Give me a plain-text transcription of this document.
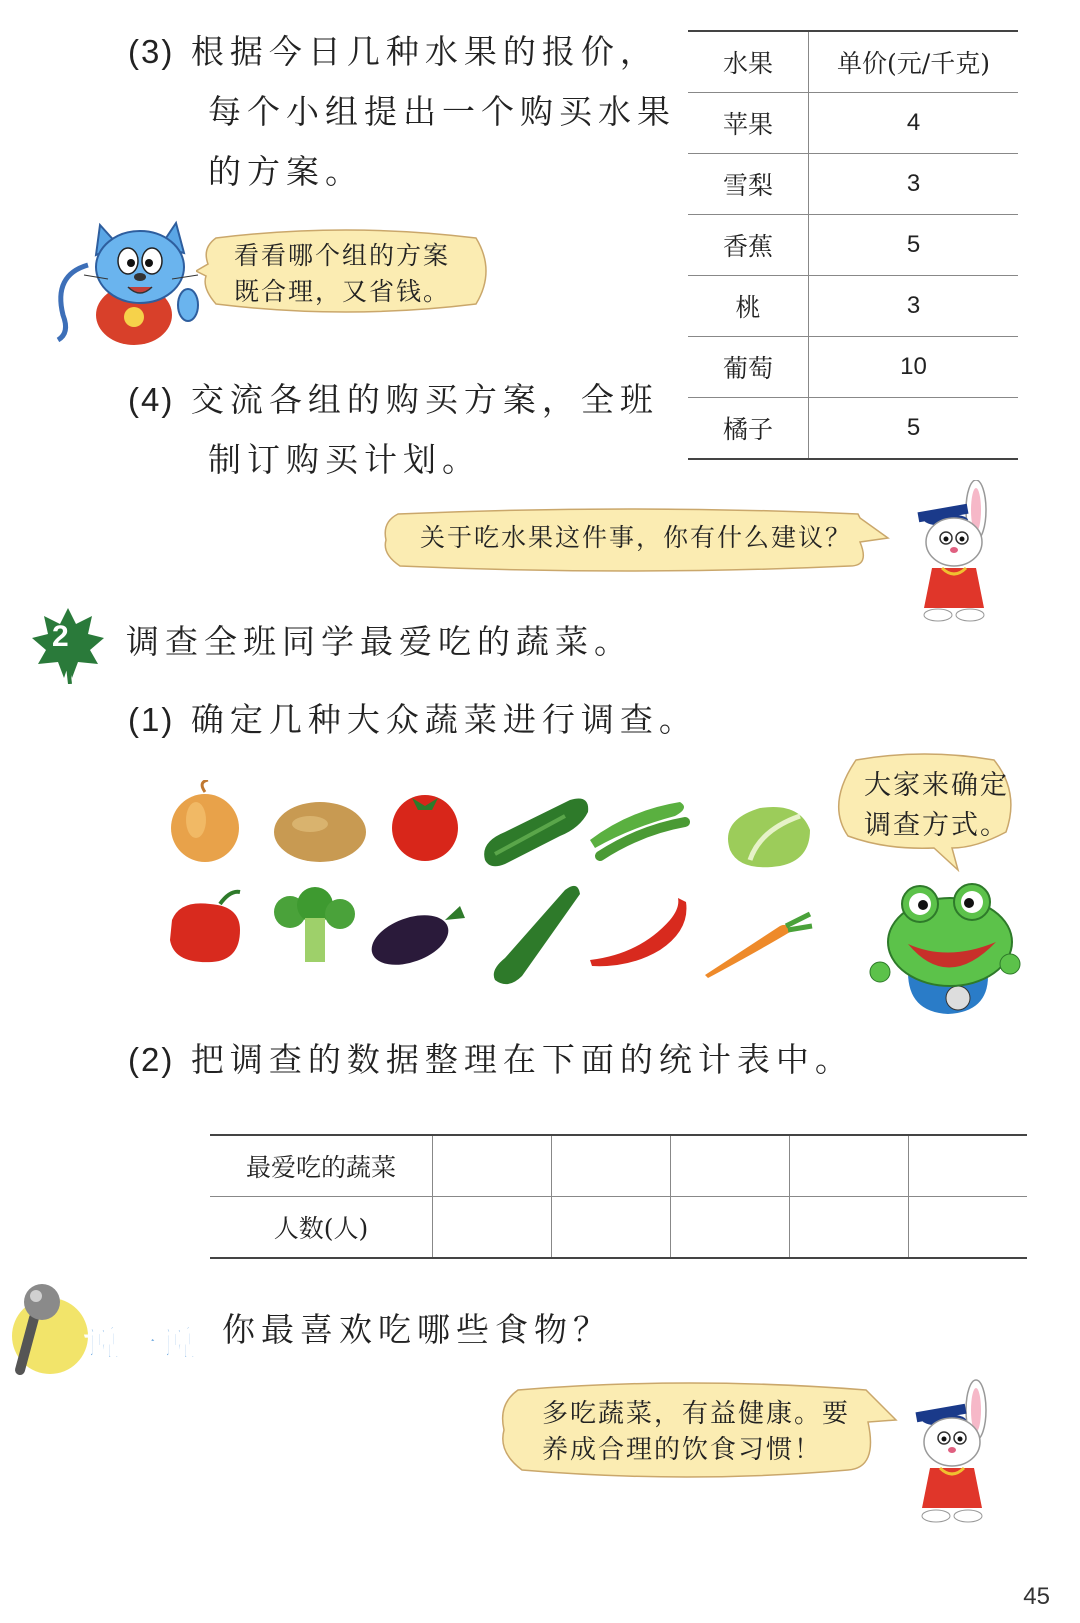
(3) 根据今日几种水果的报价，
每个小组提出一个购买水果
的方案。
水果	单价(元/千克)
苹果	4
雪梨	3
香蕉	5
桃	3
葡萄	10
橘子	5
看看哪个组的方案
既合理，又省钱。
(4) 交流各组的购买方案，全班
制订购买计划。
关于吃水果这件事，你有什么建议？
2 调查全班同学最爱吃的蔬菜。
(1) 确定几种大众蔬菜进行调查。
大家来确定
调查方式。
(2) 把调查的数据整理在下面的统计表中。
最爱吃的蔬菜					
人数(人)					
说一说 你最喜欢吃哪些食物？
多吃蔬菜，有益健康。要
养成合理的饮食习惯！
45
